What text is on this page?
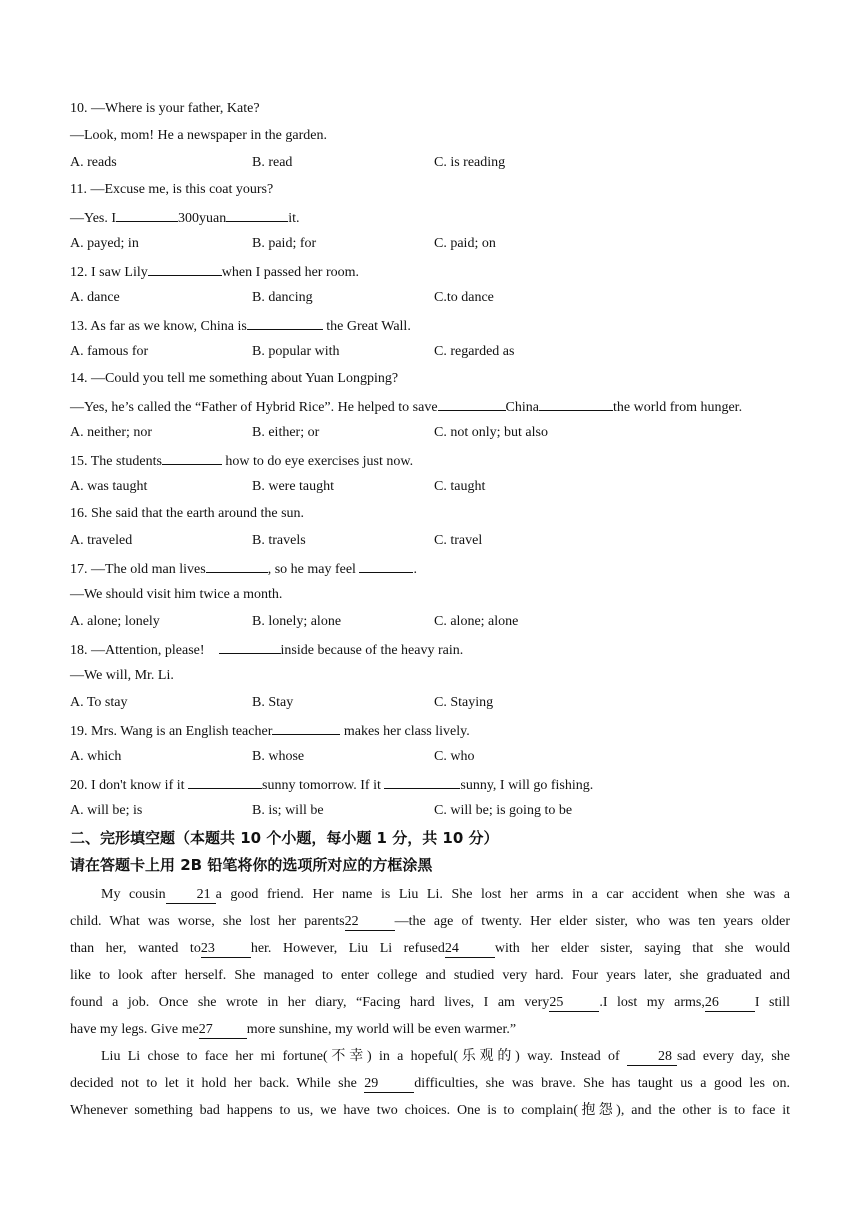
10. —Where is your father, Kate?
—Look, mom! He a newspaper in the garden.
A. reads	B. read	C. is reading
11. —Excuse me, is this coat yours?
—Yes. I	300yuan	it.
A. payed; in	B. paid; for	C. paid; on
12. I saw Lily	when I passed her room.
A. dance	B. dancing	C.to dance
13. As far as we know, China is	the Great Wall.
A. famous for	B. popular with	C. regarded as
14. —Could you tell me something about Yuan Longping?
—Yes, he’s called the “Father of Hybrid Rice”. He helped to save	China	the world from hunger.
A. neither; nor	B. either; or	C. not only; but also
15. The students	how to do eye exercises just now.
A. was taught	B. were taught	C. taught
16. She said that the earth around the sun.
A. traveled	B. travels	C. travel
17. —The old man lives	, so he may feel	.
—We should visit him twice a month.
A. alone; lonely	B. lonely; alone	C. alone; alone
18. —Attention, please!	inside because of the heavy rain.
—We will, Mr. Li.
A. To stay	B. Stay	C. Staying
19. Mrs. Wang is an English teacher	makes her class lively.
A. which	B. whose	C. who
20. I don't know if it	sunny tomorrow. If it	sunny, I will go fishing.
A. will be; is	B. is; will be	C. will be; is going to be
二、完形填空题（本题共 10 个小题，每小题 1 分，共 10 分）
请在答题卡上用 2B 铅笔将你的选项所对应的方框涂黑
My cousin 21 a good friend. Her name is Liu Li. She lost her arms in a car accident when she was a
child. What was worse, she lost her parents22	—the age of twenty. Her elder sister, who was ten years older
than her, wanted to23	her. However, Liu Li refused24	with her elder sister, saying that she would
like to look after herself. She managed to enter college and studied very hard. Four years later, she graduated and
found a job. Once she wrote in her diary, “Facing hard lives, I am very25	.I lost my arms,26	I still
have my legs. Give me27 more sunshine, my world will be even warmer.”
Liu Li chose to face her mi fortune(不幸) in a hopeful(乐观的) way. Instead of 28 sad every day, she
decided not to let it hold her back. While she 29	difficulties, she was brave. She has taught us a good les on.
Whenever something bad happens to us, we have two choices. One is to complain(抱怨), and the other is to face it
